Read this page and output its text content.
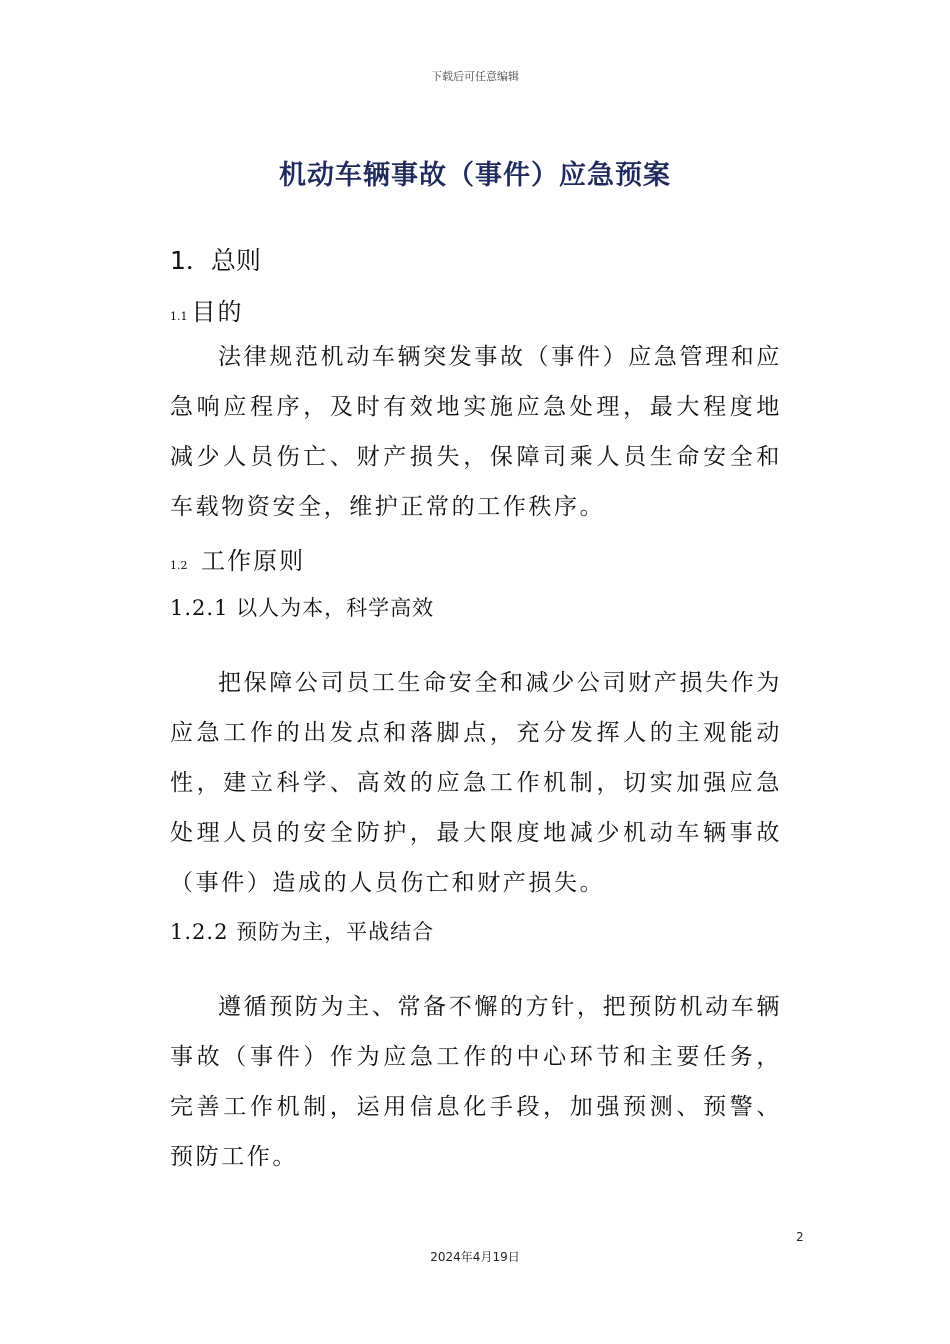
下载后可任意编辑
机动车辆事故（事件）应急预案
1．总则
1.1 目的

法律规范机动车辆突发事故（事件）应急管理和应急响应程序，及时有效地实施应急处理，最大程度地减少人员伤亡、财产损失，保障司乘人员生命安全和车载物资安全，维护正常的工作秩序。

1.2 工作原则
1.2.1 以人为本，科学高效

把保障公司员工生命安全和减少公司财产损失作为应急工作的出发点和落脚点，充分发挥人的主观能动性，建立科学、高效的应急工作机制，切实加强应急处理人员的安全防护，最大限度地减少机动车辆事故（事件）造成的人员伤亡和财产损失。

1.2.2 预防为主，平战结合

遵循预防为主、常备不懈的方针，把预防机动车辆事故（事件）作为应急工作的中心环节和主要任务，完善工作机制，运用信息化手段，加强预测、预警、预防工作。

2
2024年4月19日
